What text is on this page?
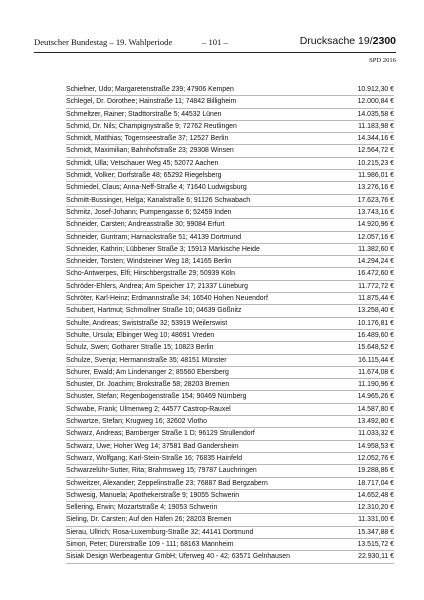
Deutscher Bundestag – 19. Wahlperiode	– 101 –	Drucksache 19/2300
SPD 2016
Schiefner, Udo; Margaretenstraße 239; 47906 Kempen	10.912,30 €
Schlegel, Dr. Dorothee; Hainstraße 11; 74842 Billigheim	12.000,84 €
Schmeltzer, Rainer; Stadttorstraße 5; 44532 Lünen	14.035,58 €
Schmid, Dr. Nils; Champignystraße 9; 72762 Reutlingen	11.183,98 €
Schmidt, Matthias; Togernseestraße 37; 12527 Berlin	14.344,16 €
Schmidt, Maximilian; Bahnhofstraße 23; 29308 Winsen	12.564,72 €
Schmidt, Ulla; Vetschauer Weg 45; 52072 Aachen	10.215,23 €
Schmidt, Volker; Dorfstraße 48; 65292 Riegelsberg	11.986,01 €
Schmiedel, Claus; Anna-Neff-Straße 4; 71640 Ludwigsburg	13.276,16 €
Schmitt-Bussinger, Helga; Kanalstraße 6; 91126 Schwabach	17.623,76 €
Schmitz, Josef-Johann; Pumpengasse 6; 52459 Inden	13.743,16 €
Schneider, Carsten; Andreasstraße 30; 99084 Erfurt	14.920,96 €
Schneider, Guntram; Harnackstraße 51; 44139 Dortmund	12.057,16 €
Schneider, Kathrin; Lübbener Straße 3; 15913 Märkische Heide	11.382,60 €
Schneider, Torsten; Windsteiner Weg 18; 14165 Berlin	14.294,24 €
Scho-Antwerpes, Elfi; Hirschbergstraße 29; 50939 Köln	16.472,60 €
Schröder-Ehlers, Andrea; Am Speicher 17; 21337 Lüneburg	11.772,72 €
Schröter, Karl-Heinz; Erdmannstraße 34; 16540 Hohen Neuendorf	11.875,44 €
Schubert, Hartmut; Schmollner Straße 10; 04639 Gößnitz	13.258,40 €
Schulte, Andreas; Swiststraße 32; 53919 Weilerswist	10.176,81 €
Schulte, Ursula; Elbinger Weg 10; 48691 Vreden	16.489,60 €
Schulz, Swen; Gotharer Straße 15; 10823 Berlin	15.648,52 €
Schulze, Svenja; Hermannstraße 35; 48151 Münster	16.115,44 €
Schurer, Ewald; Am Lindenanger 2; 85560 Ebersberg	11.674,08 €
Schuster, Dr. Joachim; Brokstraße 58; 28203 Bremen	11.190,96 €
Schuster, Stefan; Regenbogenstraße 154; 90469 Nürnberg	14.965,26 €
Schwabe, Frank; Ulmenweg 2; 44577 Castrop-Rauxel	14.587,80 €
Schwartze, Stefan; Krugweg 16; 32602 Vlotho	13.492,80 €
Schwarz, Andreas; Bamberger Straße 1 D; 96129 Strullendorf	11.033,32 €
Schwarz, Uwe; Hoher Weg 14; 37581 Bad Gandersheim	14.958,53 €
Schwarz, Wolfgang; Karl-Stein-Straße 16; 76835 Hainfeld	12.052,76 €
Schwarzelühr-Sutter, Rita; Brahmsweg 15; 79787 Lauchringen	19.288,86 €
Schweitzer, Alexander; Zeppelinstraße 23; 76887 Bad Bergzabern	18.717,04 €
Schwesig, Manuela; Apothekerstraße 9; 19055 Schwerin	14.652,48 €
Sellering, Erwin; Mozartstraße 4; 19053 Schwerin	12.310,20 €
Sieling, Dr. Carsten; Auf den Häfen 26; 28203 Bremen	11.331,00 €
Sierau, Ullrich; Rosa-Luxemburg-Straße 32; 44141 Dortmund	15.347,88 €
Simon, Peter; Dürerstraße 109 - 111; 68163 Mannheim	13.515,72 €
Sisiak Design Werbeagentur GmbH; Uferweg 40 - 42; 63571 Gelnhausen	22.930,11 €
